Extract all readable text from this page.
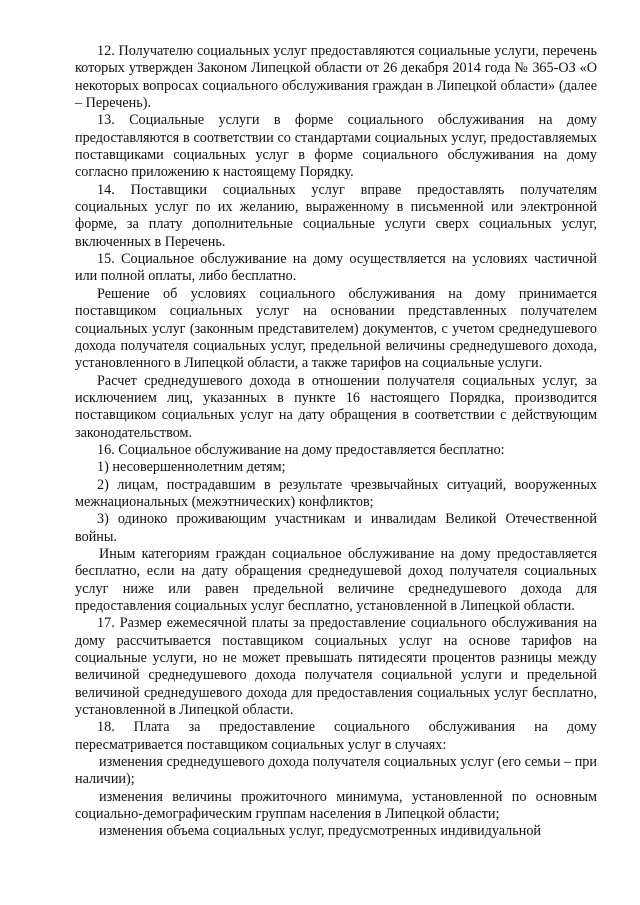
12. Получателю социальных услуг предоставляются социальные услуги, перечень которых утвержден Законом Липецкой области от 26 декабря 2014 года № 365-ОЗ «О некоторых вопросах социального обслуживания граждан в Липецкой области» (далее – Перечень).

13. Социальные услуги в форме социального обслуживания на дому предоставляются в соответствии со стандартами социальных услуг, предоставляемых поставщиками социальных услуг в форме социального обслуживания на дому согласно приложению к настоящему Порядку.

14. Поставщики социальных услуг вправе предоставлять получателям социальных услуг по их желанию, выраженному в письменной или электронной форме, за плату дополнительные социальные услуги сверх социальных услуг, включенных в Перечень.

15. Социальное обслуживание на дому осуществляется на условиях частичной или полной оплаты, либо бесплатно.

Решение об условиях социального обслуживания на дому принимается поставщиком социальных услуг на основании представленных получателем социальных услуг (законным представителем) документов, с учетом среднедушевого дохода получателя социальных услуг, предельной величины среднедушевого дохода, установленного в Липецкой области, а также тарифов на социальные услуги.

Расчет среднедушевого дохода в отношении получателя социальных услуг, за исключением лиц, указанных в пункте 16 настоящего Порядка, производится поставщиком социальных услуг на дату обращения в соответствии с действующим законодательством.

16. Социальное обслуживание на дому предоставляется бесплатно:

1) несовершеннолетним детям;

2) лицам, пострадавшим в результате чрезвычайных ситуаций, вооруженных межнациональных (межэтнических) конфликтов;

3) одиноко проживающим участникам и инвалидам Великой Отечественной войны.

Иным категориям граждан социальное обслуживание на дому предоставляется бесплатно, если на дату обращения среднедушевой доход получателя социальных услуг ниже или равен предельной величине среднедушевого дохода для предоставления социальных услуг бесплатно, установленной в Липецкой области.

17. Размер ежемесячной платы за предоставление социального обслуживания на дому рассчитывается поставщиком социальных услуг на основе тарифов на социальные услуги, но не может превышать пятидесяти процентов разницы между величиной среднедушевого дохода получателя социальной услуги и предельной величиной среднедушевого дохода для предоставления социальных услуг бесплатно, установленной в Липецкой области.

18. Плата за предоставление социального обслуживания на дому пересматривается поставщиком социальных услуг в случаях:

изменения среднедушевого дохода получателя социальных услуг (его семьи – при наличии);

изменения величины прожиточного минимума, установленной по основным социально-демографическим группам населения в Липецкой области;

изменения объема социальных услуг, предусмотренных индивидуальной
